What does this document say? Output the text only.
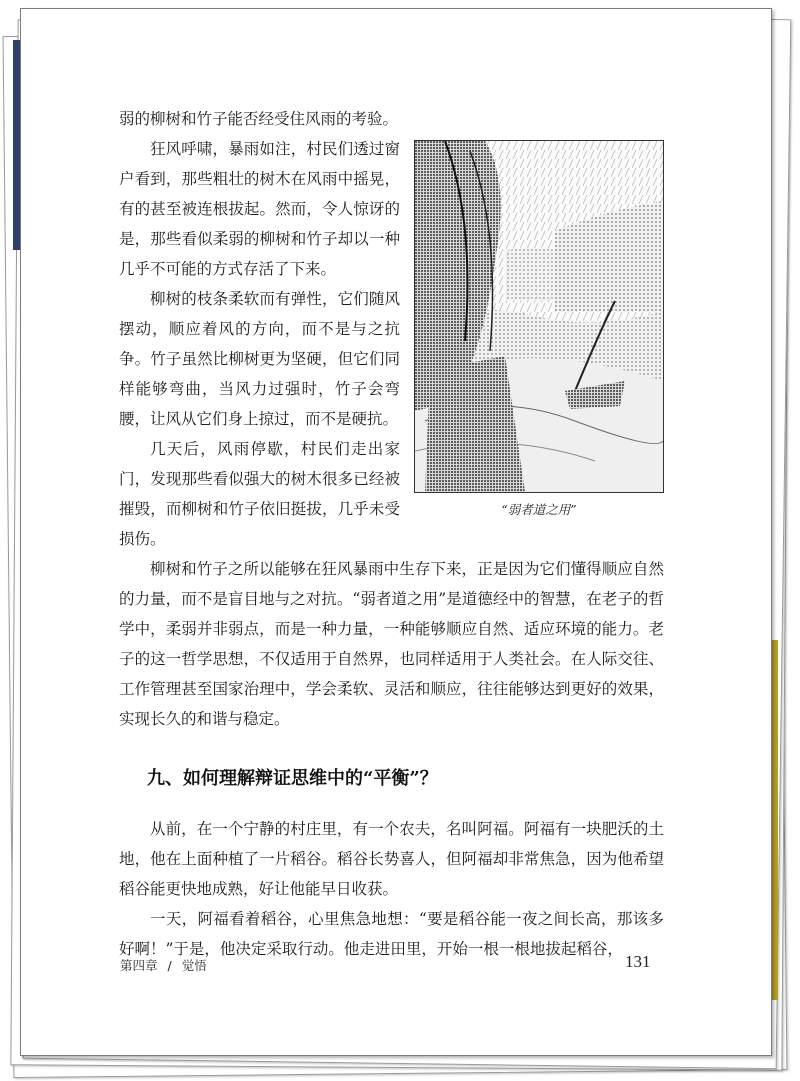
弱的柳树和竹子能否经受住风雨的考验。

“弱者道之用”

狂风呼啸，暴雨如注，村民们透过窗户看到，那些粗壮的树木在风雨中摇晃，有的甚至被连根拔起。然而，令人惊讶的是，那些看似柔弱的柳树和竹子却以一种几乎不可能的方式存活了下来。

柳树的枝条柔软而有弹性，它们随风摆动，顺应着风的方向，而不是与之抗争。竹子虽然比柳树更为坚硬，但它们同样能够弯曲，当风力过强时，竹子会弯腰，让风从它们身上掠过，而不是硬抗。

几天后，风雨停歇，村民们走出家门，发现那些看似强大的树木很多已经被摧毁，而柳树和竹子依旧挺拔，几乎未受损伤。

柳树和竹子之所以能够在狂风暴雨中生存下来，正是因为它们懂得顺应自然的力量，而不是盲目地与之对抗。“弱者道之用”是道德经中的智慧，在老子的哲学中，柔弱并非弱点，而是一种力量，一种能够顺应自然、适应环境的能力。老子的这一哲学思想，不仅适用于自然界，也同样适用于人类社会。在人际交往、工作管理甚至国家治理中，学会柔软、灵活和顺应，往往能够达到更好的效果，实现长久的和谐与稳定。

九、如何理解辩证思维中的“平衡”？

从前，在一个宁静的村庄里，有一个农夫，名叫阿福。阿福有一块肥沃的土地，他在上面种植了一片稻谷。稻谷长势喜人，但阿福却非常焦急，因为他希望稻谷能更快地成熟，好让他能早日收获。

一天，阿福看着稻谷，心里焦急地想：“要是稻谷能一夜之间长高，那该多好啊！”于是，他决定采取行动。他走进田里，开始一根一根地拔起稻谷，

第四章 / 觉悟	131
